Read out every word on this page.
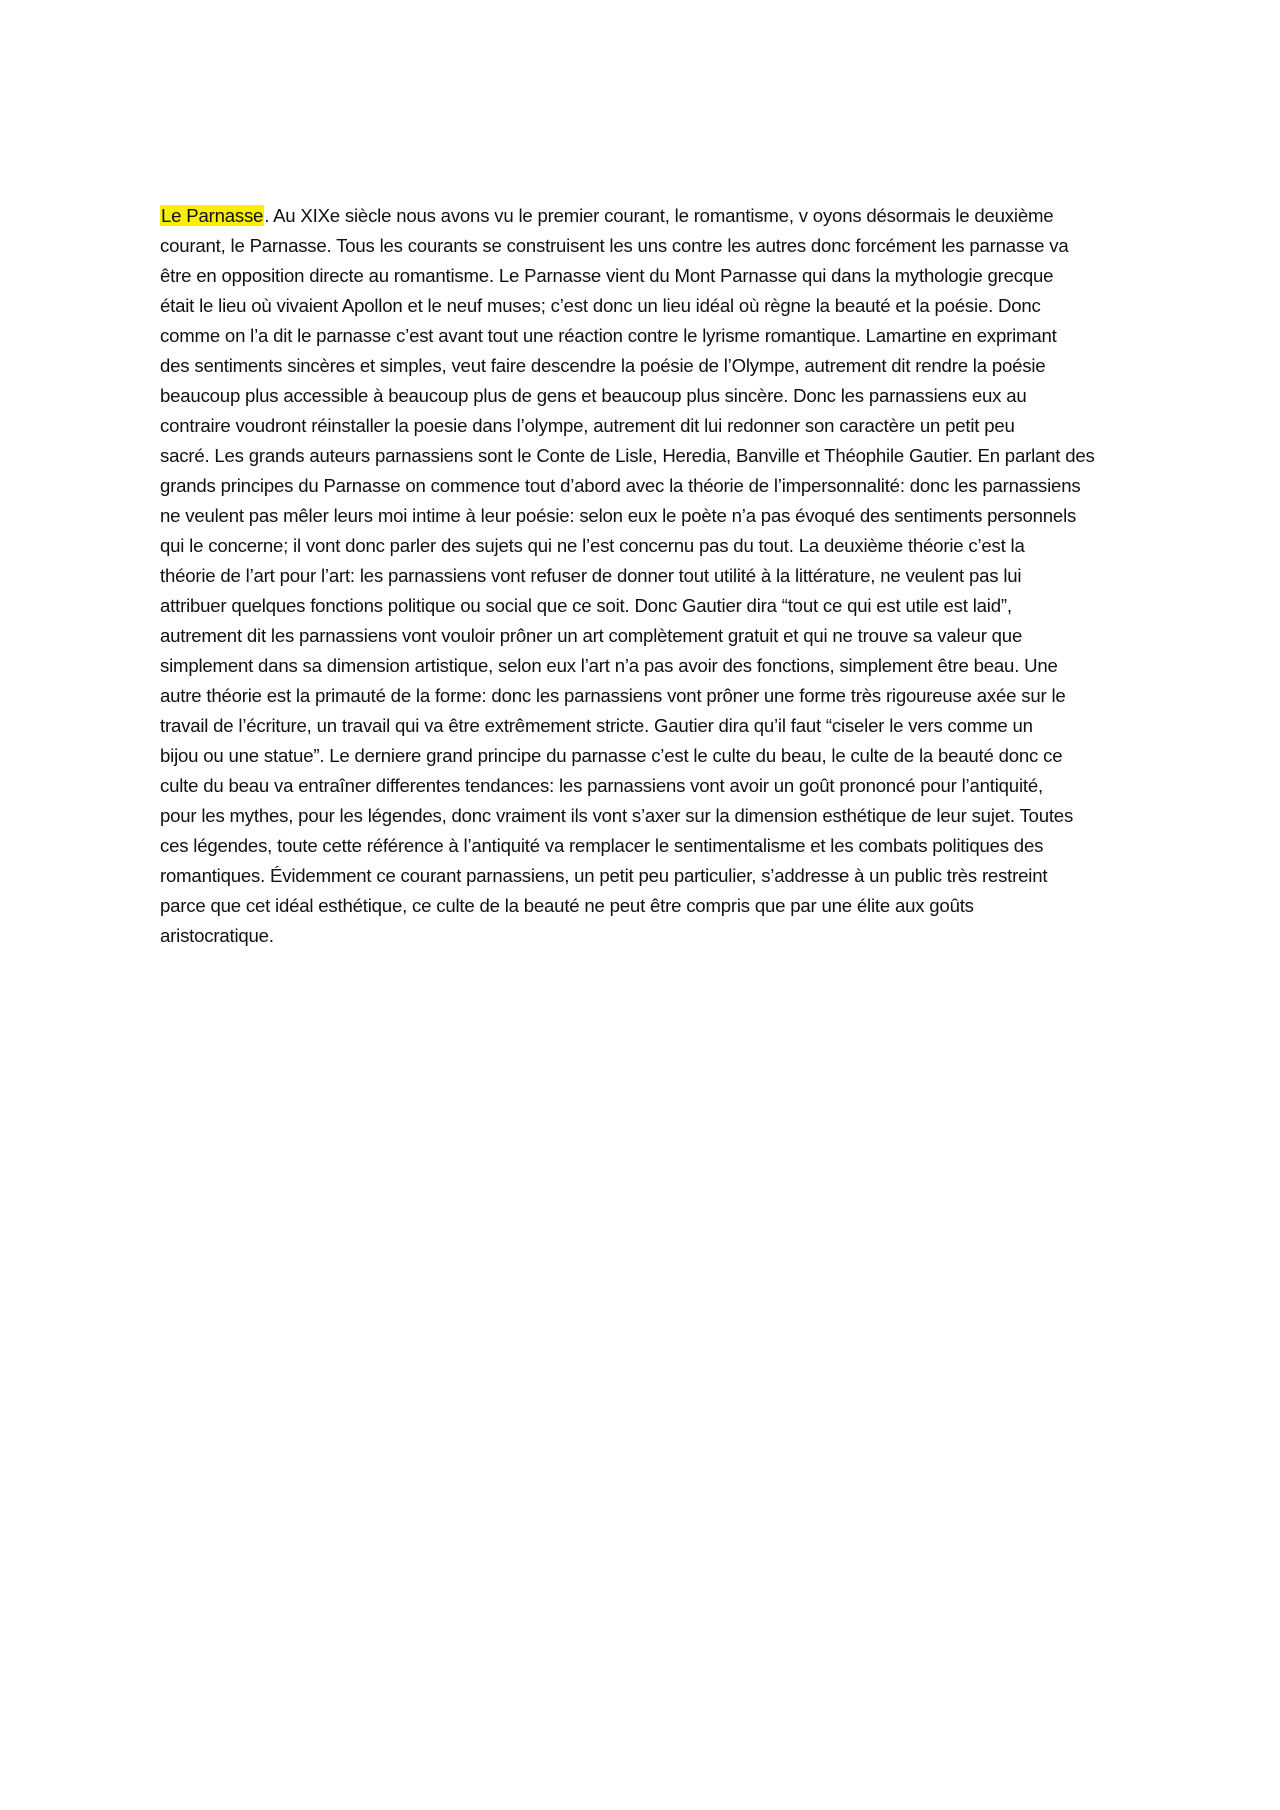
Le Parnasse. Au XIXe siècle nous avons vu le premier courant, le romantisme, v oyons désormais le deuxième
courant, le Parnasse. Tous les courants se construisent les uns contre les autres donc forcément les parnasse va
être en opposition directe au romantisme. Le Parnasse vient du Mont Parnasse qui dans la mythologie grecque
était le lieu où vivaient Apollon et le neuf muses; c’est donc un lieu idéal où règne la beauté et la poésie. Donc
comme on l’a dit le parnasse c’est avant tout une réaction contre le lyrisme romantique. Lamartine en exprimant
des sentiments sincères et simples, veut faire descendre la poésie de l’Olympe, autrement dit rendre la poésie
beaucoup plus accessible à beaucoup plus de gens et beaucoup plus sincère. Donc les parnassiens eux au
contraire voudront réinstaller la poesie dans l’olympe, autrement dit lui redonner son caractère un petit peu
sacré. Les grands auteurs parnassiens sont le Conte de Lisle, Heredia, Banville et Théophile Gautier. En parlant des
grands principes du Parnasse on commence tout d’abord avec la théorie de l’impersonnalité: donc les parnassiens
ne veulent pas mêler leurs moi intime à leur poésie: selon eux le poète n’a pas évoqué des sentiments personnels
qui le concerne; il vont donc parler des sujets qui ne l’est concernu pas du tout. La deuxième théorie c’est la
théorie de l’art pour l’art: les parnassiens vont refuser de donner tout utilité à la littérature, ne veulent pas lui
attribuer quelques fonctions politique ou social que ce soit. Donc Gautier dira “tout ce qui est utile est laid”,
autrement dit les parnassiens vont vouloir prôner un art complètement gratuit et qui ne trouve sa valeur que
simplement dans sa dimension artistique, selon eux l’art n’a pas avoir des fonctions, simplement être beau. Une
autre théorie est la primauté de la forme: donc les parnassiens vont prôner une forme très rigoureuse axée sur le
travail de l’écriture, un travail qui va être extrêmement stricte. Gautier dira qu’il faut “ciseler le vers comme un
bijou ou une statue”. Le derniere grand principe du parnasse c’est le culte du beau, le culte de la beauté donc ce
culte du beau va entraîner differentes tendances: les parnassiens vont avoir un goût prononcé pour l’antiquité,
pour les mythes, pour les légendes, donc vraiment ils vont s’axer sur la dimension esthétique de leur sujet. Toutes
ces légendes, toute cette référence à l’antiquité va remplacer le sentimentalisme et les combats politiques des
romantiques. Évidemment ce courant parnassiens, un petit peu particulier, s’addresse à un public très restreint
parce que cet idéal esthétique, ce culte de la beauté ne peut être compris que par une élite aux goûts
aristocratique.
